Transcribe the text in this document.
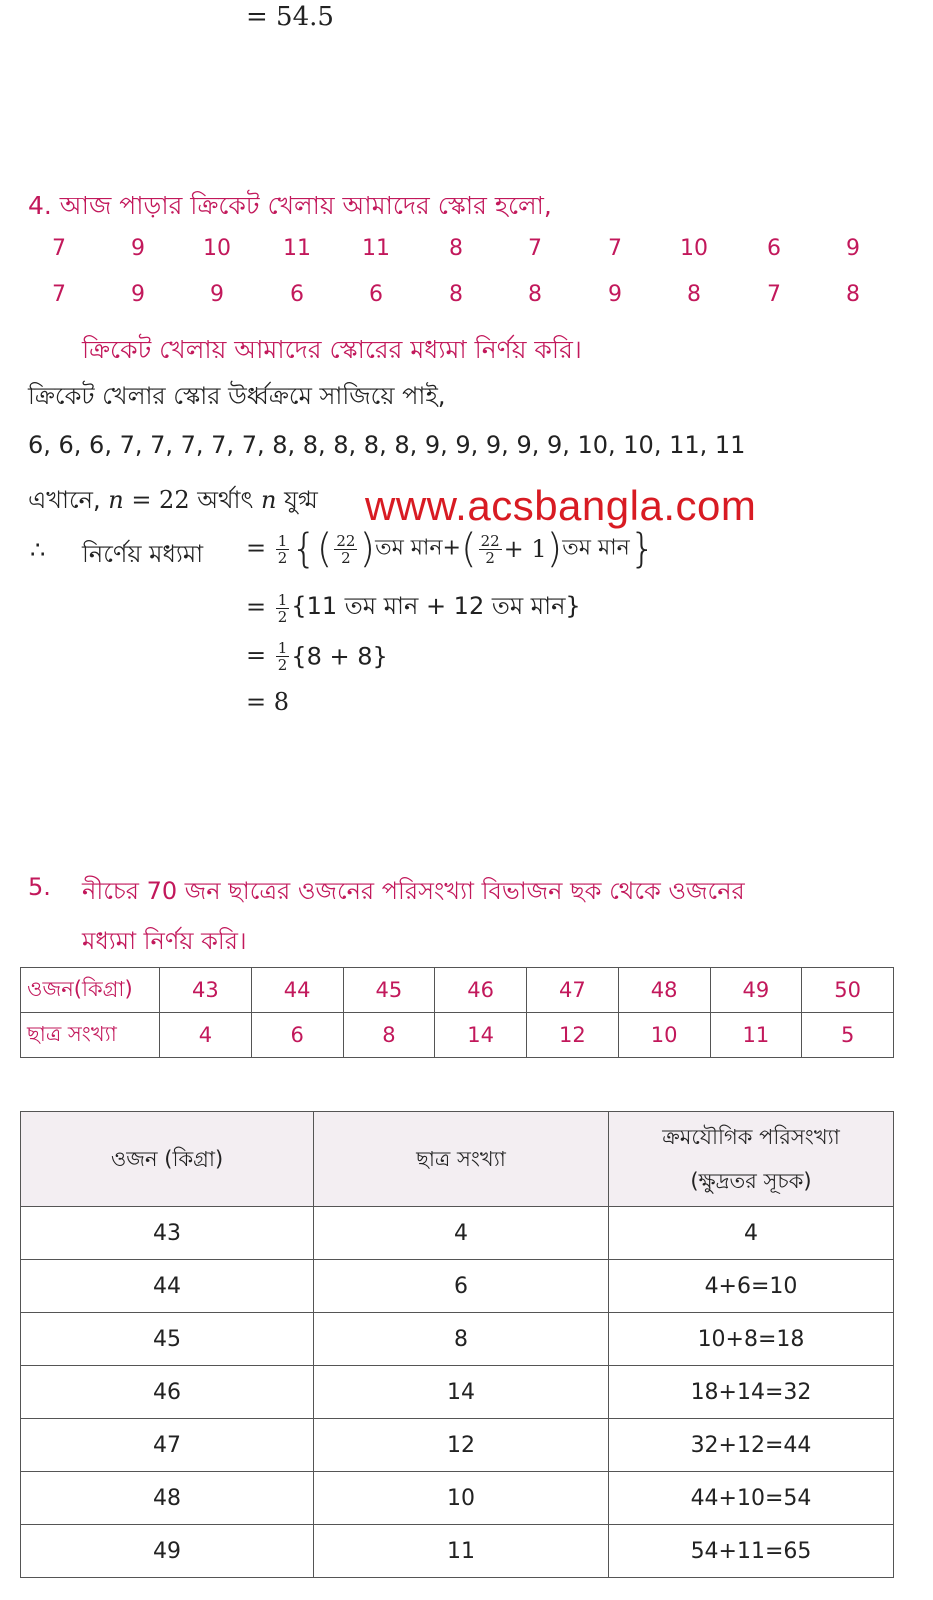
= 54.5
4. আজ পাড়ার ক্রিকেট খেলায় আমাদের স্কোর হলো,
7	9	10	11	11	8	7	7	10	6	9
7	9	9	6	6	8	8	9	8	7	8
ক্রিকেট খেলায় আমাদের স্কোরের মধ্যমা নির্ণয় করি।
ক্রিকেট খেলার স্কোর উর্ধ্বক্রমে সাজিয়ে পাই,
6, 6, 6, 7, 7, 7, 7, 7, 8, 8, 8, 8, 8, 9, 9, 9, 9, 9, 10, 10, 11, 11
এখানে, n = 22 অর্থাৎ n যুগ্ম www.acsbangla.com
∴ নির্ণেয় মধ্যমা = $\frac{1}{2}$ {( $\frac{22}{2}$ )তম মান+( $\frac{22}{2}$ + 1)তম মান}
= $\frac{1}{2} \{11$ তম মান + 12 তম মান}
= $\frac{1}{2} \{8 + 8\}$
= 8
5. নীচের 70 জন ছাত্রের ওজনের পরিসংখ্যা বিভাজন ছক থেকে ওজনের
মধ্যমা নির্ণয় করি।
ওজন(কিগ্রা)	43	44	45	46	47	48	49	50
ছাত্র সংখ্যা	4	6	8	14	12	10	11	5
ওজন (কিগ্রা)	ছাত্র সংখ্যা	ক্রমযৌগিক পরিসংখ্যা
(ক্ষুদ্রতর সূচক)

43	4	4
44	6	4+6=10
45	8	10+8=18
46	14	18+14=32
47	12	32+12=44
48	10	44+10=54
49	11	54+11=65
